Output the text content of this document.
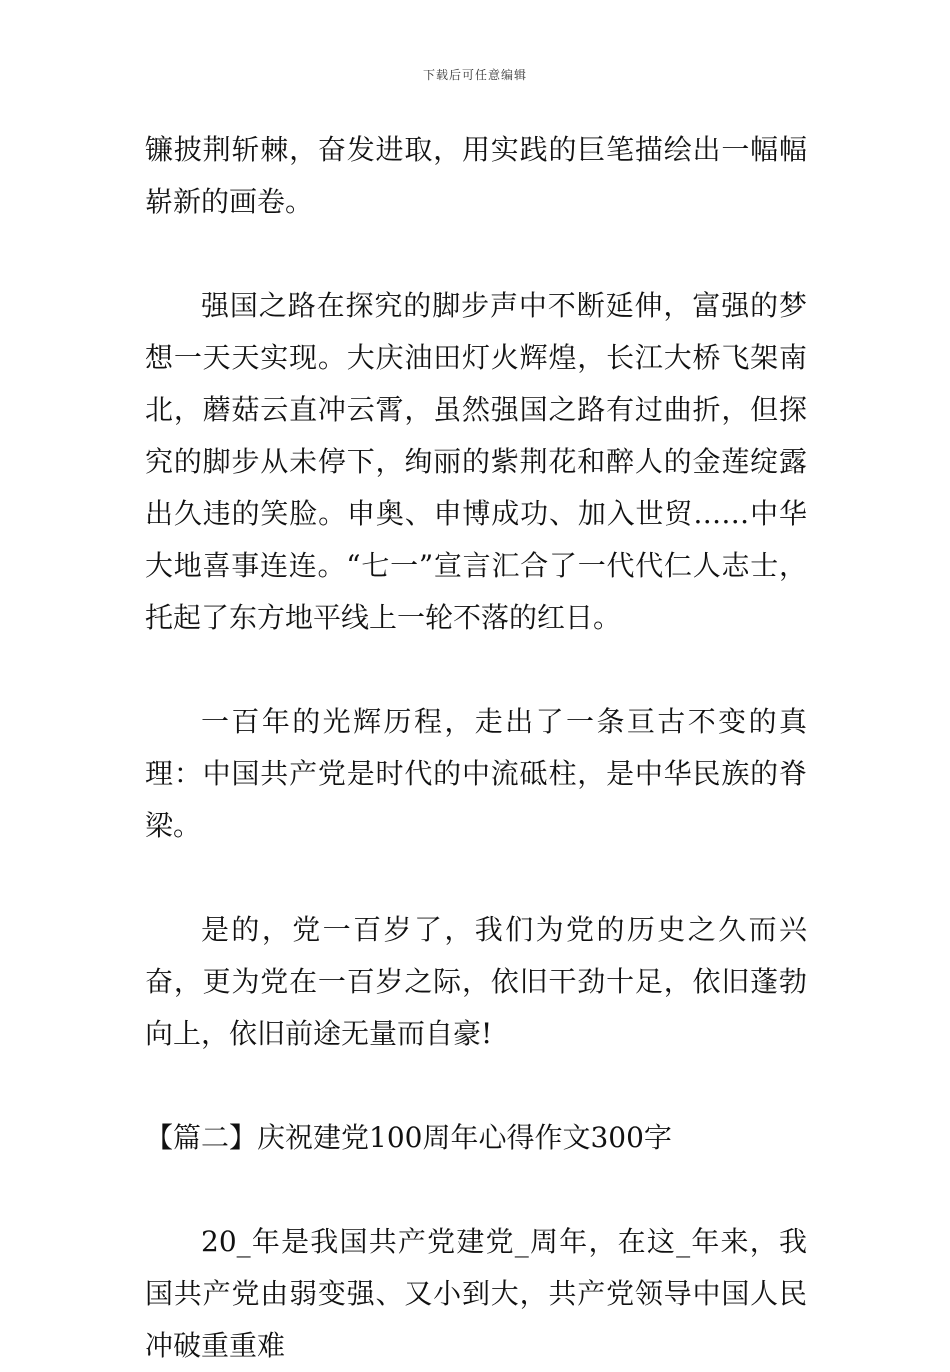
下载后可任意编辑

镰披荆斩棘，奋发进取，用实践的巨笔描绘出一幅幅崭新的画卷。

强国之路在探究的脚步声中不断延伸，富强的梦想一天天实现。大庆油田灯火辉煌，长江大桥飞架南北，蘑菇云直冲云霄，虽然强国之路有过曲折，但探究的脚步从未停下，绚丽的紫荆花和醉人的金莲绽露出久违的笑脸。申奥、申博成功、加入世贸……中华大地喜事连连。“七一”宣言汇合了一代代仁人志士，托起了东方地平线上一轮不落的红日。

一百年的光辉历程，走出了一条亘古不变的真理：中国共产党是时代的中流砥柱，是中华民族的脊梁。

是的，党一百岁了，我们为党的历史之久而兴奋，更为党在一百岁之际，依旧干劲十足，依旧蓬勃向上，依旧前途无量而自豪!

【篇二】庆祝建党100周年心得作文300字

20_年是我国共产党建党_周年，在这_年来，我国共产党由弱变强、又小到大，共产党领导中国人民冲破重重难
